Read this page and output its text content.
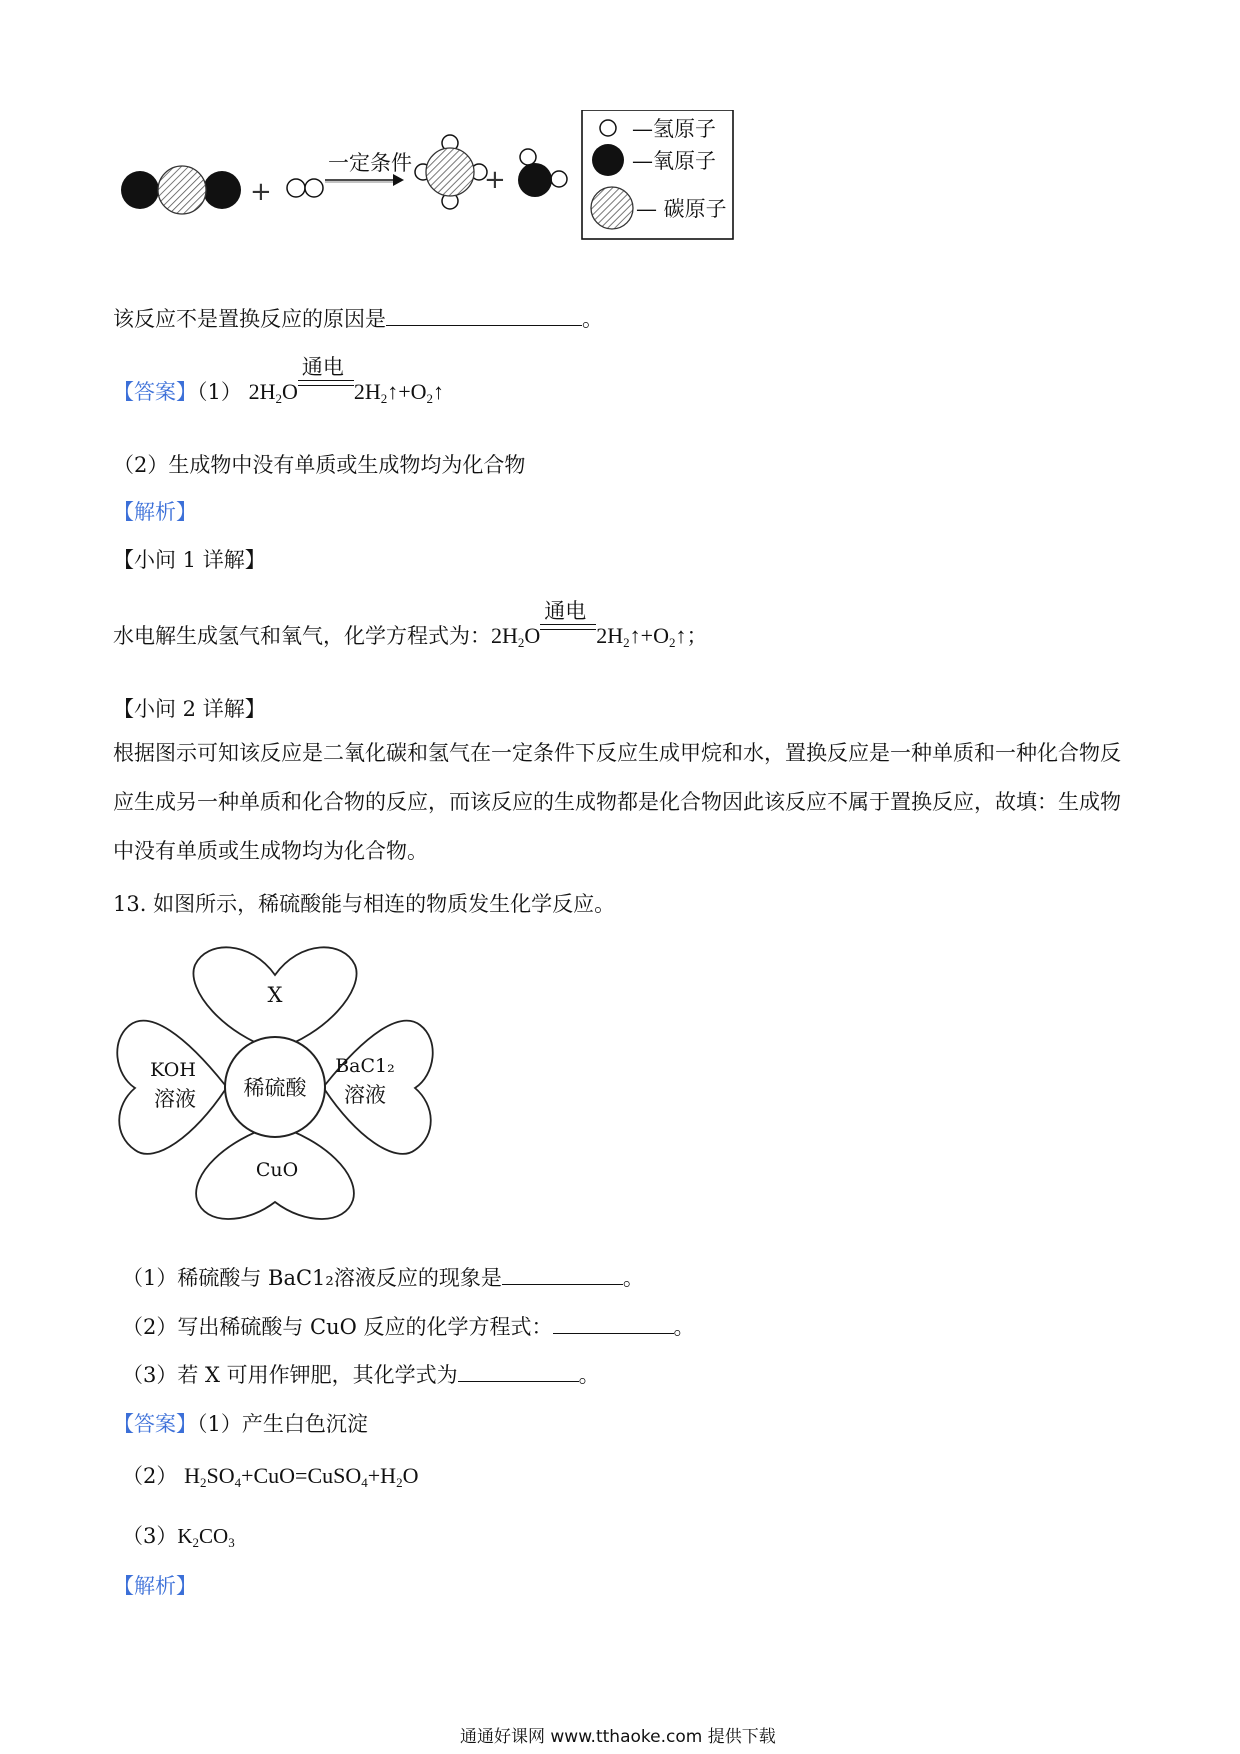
+
一定条件
+
—氢原子
—氧原子
— 碳原子
该反应不是置换反应的原因是	。
【答案】（1） $2H_2O$
通电
$2H_2↑+O_2↑$
（2）生成物中没有单质或生成物均为化合物
【解析】
【小问 1 详解】
水电解生成氢气和氧气，化学方程式为：$2H_2O$
通电
$2H_2↑+O_2↑$；
【小问 2 详解】
根据图示可知该反应是二氧化碳和氢气在一定条件下反应生成甲烷和水，置换反应是一种单质和一种化合物反应生成另一种单质和化合物的反应，而该反应的生成物都是化合物因此该反应不属于置换反应，故填：生成物中没有单质或生成物均为化合物。
13. 如图所示，稀硫酸能与相连的物质发生化学反应。
稀硫酸
X
KOH
溶液
BaC1₂
溶液
CuO
（1）稀硫酸与 BaC1₂溶液反应的现象是	。
（2）写出稀硫酸与 CuO 反应的化学方程式：	。
（3）若 X 可用作钾肥，其化学式为	。
【答案】（1）产生白色沉淀
（2） $H_2SO_4+CuO=CuSO_4+H_2O$
$(3)K_2CO_3$
【解析】
通通好课网 www.tthaoke.com 提供下载
